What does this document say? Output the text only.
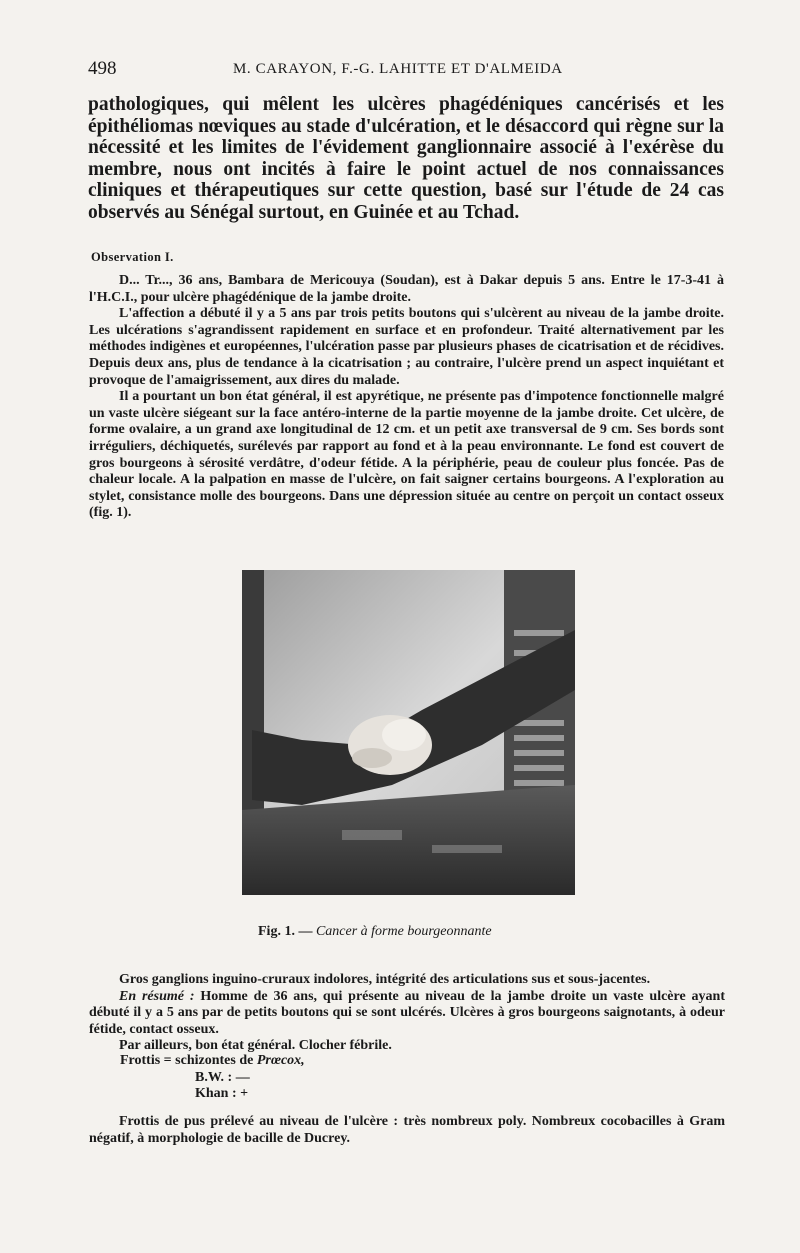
498	M. CARAYON, F.-G. LAHITTE ET D'ALMEIDA

pathologiques, qui mêlent les ulcères phagédéniques cancérisés et les épithéliomas nœviques au stade d'ulcération, et le désaccord qui règne sur la nécessité et les limites de l'évidement ganglionnaire associé à l'exérèse du membre, nous ont incités à faire le point actuel de nos connaissances cliniques et thérapeutiques sur cette question, basé sur l'étude de 24 cas observés au Sénégal surtout, en Guinée et au Tchad.

Observation I.

D... Tr..., 36 ans, Bambara de Mericouya (Soudan), est à Dakar depuis 5 ans. Entre le 17-3-41 à l'H.C.I., pour ulcère phagédénique de la jambe droite.

L'affection a débuté il y a 5 ans par trois petits boutons qui s'ulcèrent au niveau de la jambe droite. Les ulcérations s'agrandissent rapidement en surface et en profondeur. Traité alternativement par les méthodes indigènes et européennes, l'ulcération passe par plusieurs phases de cicatrisation et de récidives. Depuis deux ans, plus de tendance à la cicatrisation ; au contraire, l'ulcère prend un aspect inquiétant et provoque de l'amaigrissement, aux dires du malade.

Il a pourtant un bon état général, il est apyrétique, ne présente pas d'impotence fonctionnelle malgré un vaste ulcère siégeant sur la face antéro-interne de la partie moyenne de la jambe droite. Cet ulcère, de forme ovalaire, a un grand axe longitudinal de 12 cm. et un petit axe transversal de 9 cm. Ses bords sont irréguliers, déchiquetés, surélevés par rapport au fond et à la peau environnante. Le fond est couvert de gros bourgeons à sérosité verdâtre, d'odeur fétide. A la périphérie, peau de couleur plus foncée. Pas de chaleur locale. A la palpation en masse de l'ulcère, on fait saigner certains bourgeons. A l'exploration au stylet, consistance molle des bourgeons. Dans une dépression située au centre on perçoit un contact osseux (fig. 1).

Fig. 1. — Cancer à forme bourgeonnante

Gros ganglions inguino-cruraux indolores, intégrité des articulations sus et sous-jacentes.

En résumé : Homme de 36 ans, qui présente au niveau de la jambe droite un vaste ulcère ayant débuté il y a 5 ans par de petits boutons qui se sont ulcérés. Ulcères à gros bourgeons saignotants, à odeur fétide, contact osseux.

Par ailleurs, bon état général. Clocher fébrile.

Frottis = schizontes de Prœcox,
B.W. : —
Khan : +

Frottis de pus prélevé au niveau de l'ulcère : très nombreux poly. Nombreux cocobacilles à Gram négatif, à morphologie de bacille de Ducrey.
